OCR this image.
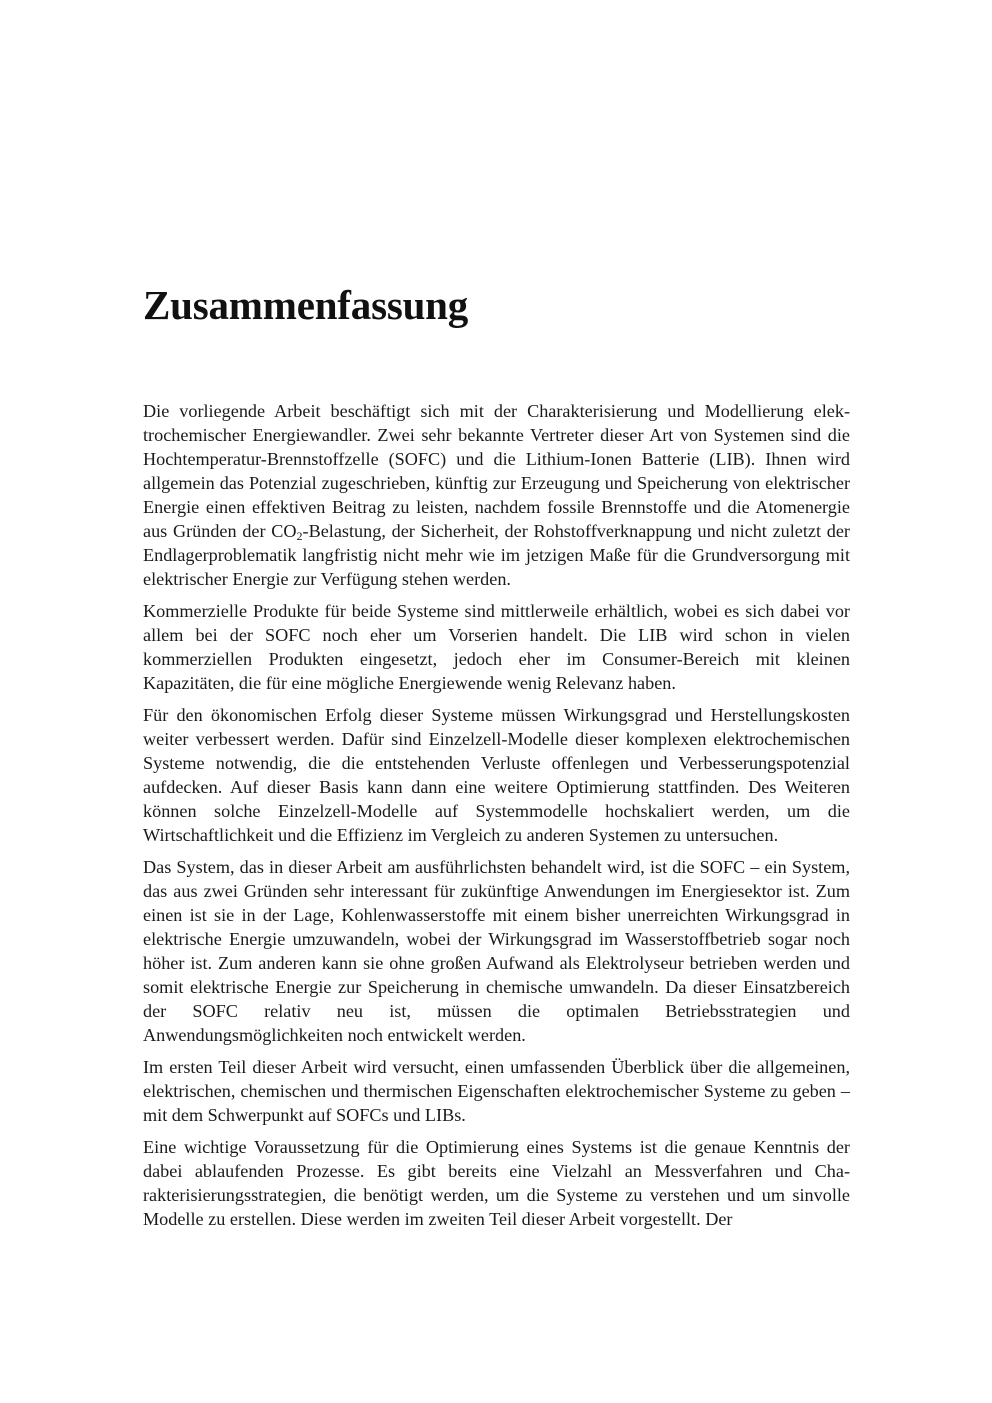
Zusammenfassung

Die vorliegende Arbeit beschäftigt sich mit der Charakterisierung und Modellierung elektrochemischer Energiewandler. Zwei sehr bekannte Vertreter dieser Art von Systemen sind die Hochtemperatur-Brennstoffzelle (SOFC) und die Lithium-Ionen Batterie (LIB). Ihnen wird allgemein das Potenzial zugeschrieben, künftig zur Erzeugung und Speicherung von elektrischer Energie einen effektiven Beitrag zu leisten, nachdem fossile Brennstoffe und die Atomenergie aus Gründen der $CO_2$-Belastung, der Sicherheit, der Rohstoffverknappung und nicht zuletzt der Endlagerproblematik langfristig nicht mehr wie im jetzigen Maße für die Grundversorgung mit elektrischer Energie zur Verfügung stehen werden.

Kommerzielle Produkte für beide Systeme sind mittlerweile erhältlich, wobei es sich dabei vor allem bei der SOFC noch eher um Vorserien handelt. Die LIB wird schon in vielen kommerziellen Produkten eingesetzt, jedoch eher im Consumer-Bereich mit kleinen Kapazitäten, die für eine mögliche Energiewende wenig Relevanz haben.

Für den ökonomischen Erfolg dieser Systeme müssen Wirkungsgrad und Herstellungskosten weiter verbessert werden. Dafür sind Einzelzell-Modelle dieser komplexen elektrochemischen Systeme notwendig, die die entstehenden Verluste offenlegen und Verbesserungspotenzial aufdecken. Auf dieser Basis kann dann eine weitere Optimierung stattfinden. Des Weiteren können solche Einzelzell-Modelle auf Systemmodelle hochskaliert werden, um die Wirtschaftlichkeit und die Effizienz im Vergleich zu anderen Systemen zu untersuchen.

Das System, das in dieser Arbeit am ausführlichsten behandelt wird, ist die SOFC – ein System, das aus zwei Gründen sehr interessant für zukünftige Anwendungen im Energiesektor ist. Zum einen ist sie in der Lage, Kohlenwasserstoffe mit einem bisher unerreichten Wirkungsgrad in elektrische Energie umzuwandeln, wobei der Wirkungsgrad im Wasserstoffbetrieb sogar noch höher ist. Zum anderen kann sie ohne großen Aufwand als Elektrolyseur betrieben werden und somit elektrische Energie zur Speicherung in chemische umwandeln. Da dieser Einsatzbereich der SOFC relativ neu ist, müssen die optimalen Betriebsstrategien und Anwendungsmöglichkeiten noch entwickelt werden.

Im ersten Teil dieser Arbeit wird versucht, einen umfassenden Überblick über die allgemeinen, elektrischen, chemischen und thermischen Eigenschaften elektrochemischer Systeme zu geben – mit dem Schwerpunkt auf SOFCs und LIBs.

Eine wichtige Voraussetzung für die Optimierung eines Systems ist die genaue Kenntnis der dabei ablaufenden Prozesse. Es gibt bereits eine Vielzahl an Messverfahren und Charakterisierungsstrategien, die benötigt werden, um die Systeme zu verstehen und um sinvolle Modelle zu erstellen. Diese werden im zweiten Teil dieser Arbeit vorgestellt. Der
